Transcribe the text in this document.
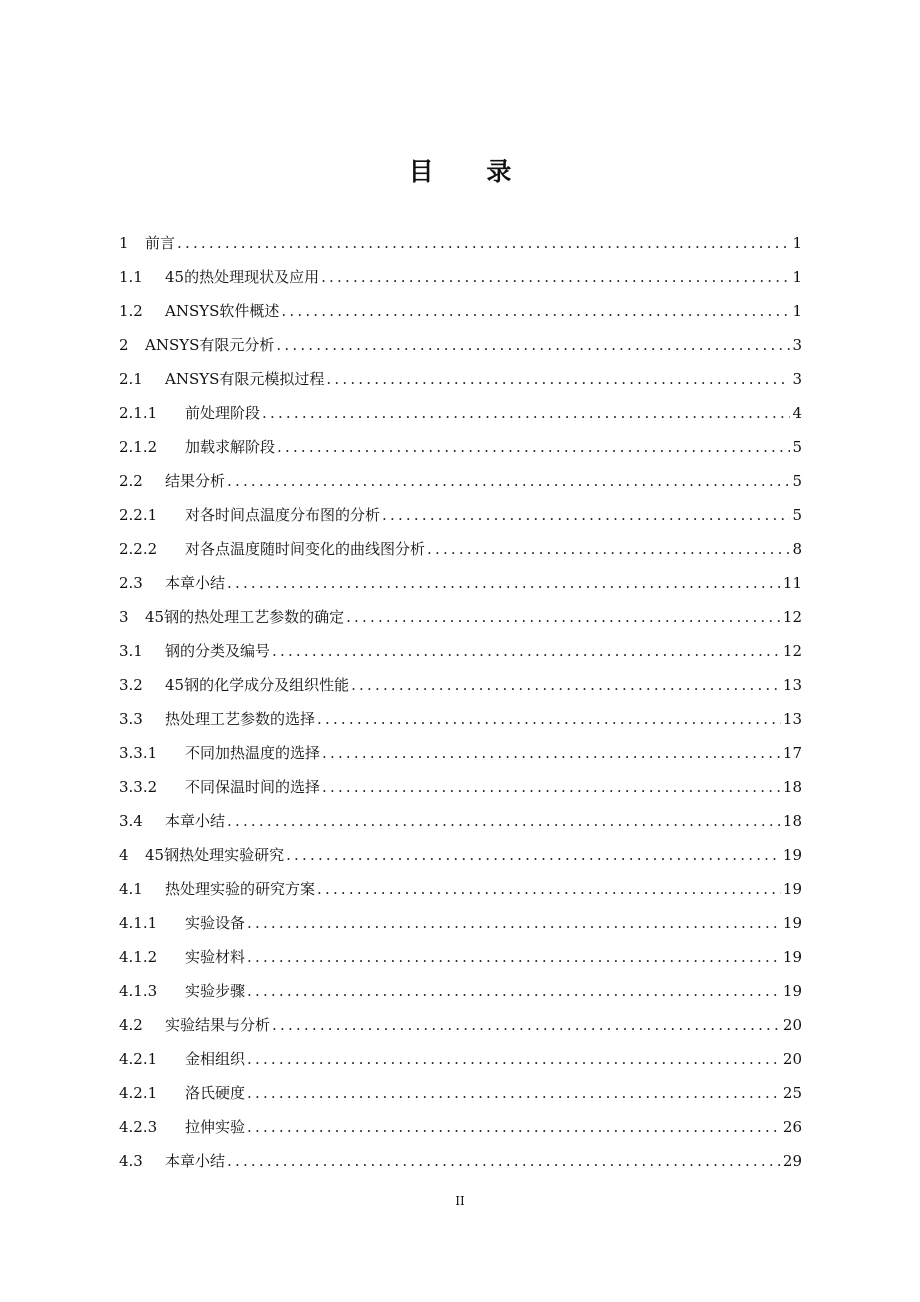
目 录
1	前言 .....	1
1.1	45的热处理现状及应用 .....	1
1.2	ANSYS软件概述 .....	1
2	ANSYS有限元分析 .....	3
2.1	ANSYS有限元模拟过程 .....	3
2.1.1	前处理阶段 .....	4
2.1.2	加载求解阶段 .....	5
2.2	结果分析 .....	5
2.2.1	对各时间点温度分布图的分析 .....	5
2.2.2	对各点温度随时间变化的曲线图分析 .....	8
2.3	本章小结 .....	11
3	45钢的热处理工艺参数的确定 .....	12
3.1	钢的分类及编号 .....	12
3.2	45钢的化学成分及组织性能 .....	13
3.3	热处理工艺参数的选择 .....	13
3.3.1	不同加热温度的选择 .....	17
3.3.2	不同保温时间的选择 .....	18
3.4	本章小结 .....	18
4	45钢热处理实验研究 .....	19
4.1	热处理实验的研究方案 .....	19
4.1.1	实验设备 .....	19
4.1.2	实验材料 .....	19
4.1.3	实验步骤 .....	19
4.2	实验结果与分析 .....	20
4.2.1	金相组织 .....	20
4.2.1	洛氏硬度 .....	25
4.2.3	拉伸实验 .....	26
4.3	本章小结 .....	29
II
